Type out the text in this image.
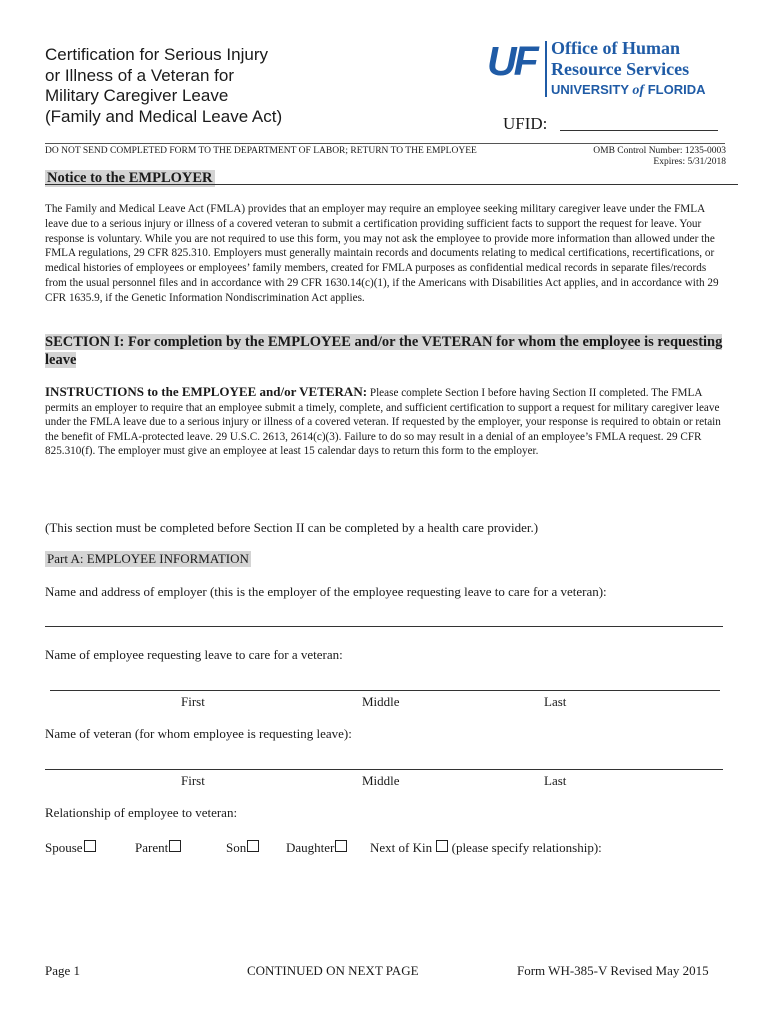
Certification for Serious Injury
or Illness of a Veteran for
Military Caregiver Leave
(Family and Medical Leave Act)
UF Office of Human
Resource Services
UNIVERSITY of FLORIDA
UFID:
DO NOT SEND COMPLETED FORM TO THE DEPARTMENT OF LABOR; RETURN TO THE EMPLOYEE	OMB Control Number: 1235-0003
Expires: 5/31/2018
Notice to the EMPLOYER
The Family and Medical Leave Act (FMLA) provides that an employer may require an employee seeking military caregiver leave under the FMLA leave due to a serious injury or illness of a covered veteran to submit a certification providing sufficient facts to support the request for leave. Your response is voluntary. While you are not required to use this form, you may not ask the employee to provide more information than allowed under the FMLA regulations, 29 CFR 825.310. Employers must generally maintain records and documents relating to medical certifications, recertifications, or medical histories of employees or employees’ family members, created for FMLA purposes as confidential medical records in separate files/records from the usual personnel files and in accordance with 29 CFR 1630.14(c)(1), if the Americans with Disabilities Act applies, and in accordance with 29 CFR 1635.9, if the Genetic Information Nondiscrimination Act applies.
SECTION I: For completion by the EMPLOYEE and/or the VETERAN for whom the employee is requesting leave
INSTRUCTIONS to the EMPLOYEE and/or VETERAN: Please complete Section I before having Section II completed. The FMLA permits an employer to require that an employee submit a timely, complete, and sufficient certification to support a request for military caregiver leave under the FMLA leave due to a serious injury or illness of a covered veteran. If requested by the employer, your response is required to obtain or retain the benefit of FMLA-protected leave. 29 U.S.C. 2613, 2614(c)(3). Failure to do so may result in a denial of an employee’s FMLA request. 29 CFR 825.310(f). The employer must give an employee at least 15 calendar days to return this form to the employer.
(This section must be completed before Section II can be completed by a health care provider.)
Part A: EMPLOYEE INFORMATION
Name and address of employer (this is the employer of the employee requesting leave to care for a veteran):
Name of employee requesting leave to care for a veteran:
First	Middle	Last
Name of veteran (for whom employee is requesting leave):
First	Middle	Last
Relationship of employee to veteran:
Spouse	Parent	Son	Daughter	Next of Kin (please specify relationship):
Page 1	CONTINUED ON NEXT PAGE	Form WH-385-V Revised May 2015
